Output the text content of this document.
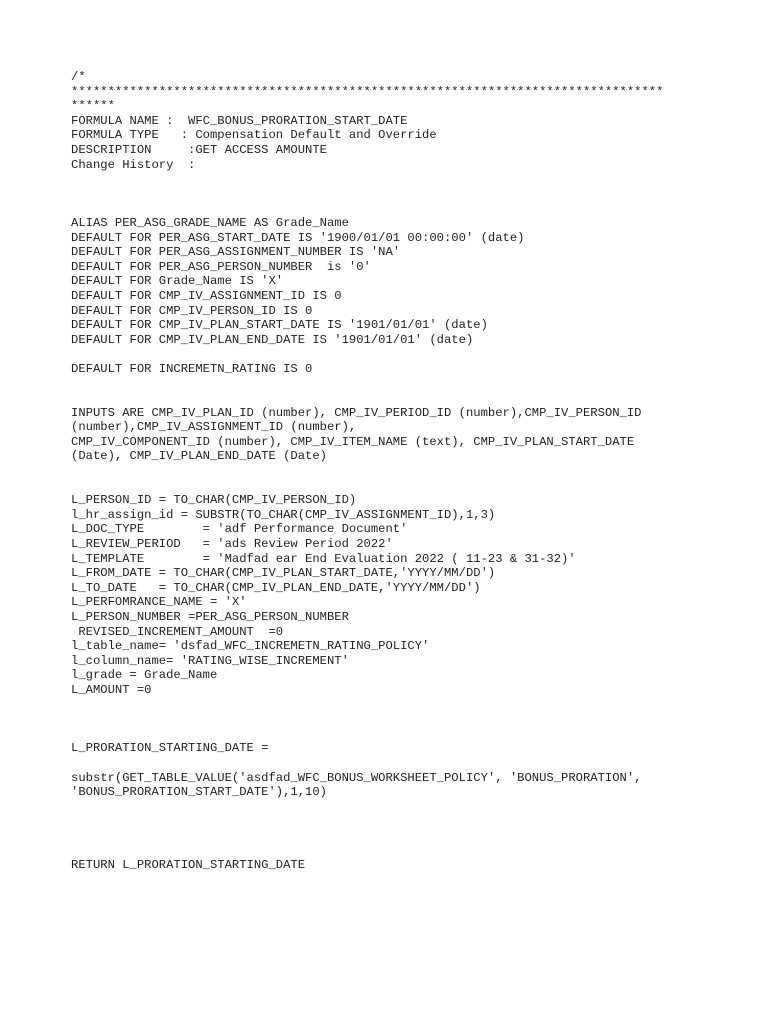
/*
*********************************************************************************
******
FORMULA NAME :  WFC_BONUS_PRORATION_START_DATE
FORMULA TYPE   : Compensation Default and Override
DESCRIPTION     :GET ACCESS AMOUNTE
Change History  :
ALIAS PER_ASG_GRADE_NAME AS Grade_Name
DEFAULT FOR PER_ASG_START_DATE IS '1900/01/01 00:00:00' (date)
DEFAULT FOR PER_ASG_ASSIGNMENT_NUMBER IS 'NA'
DEFAULT FOR PER_ASG_PERSON_NUMBER  is '0'
DEFAULT FOR Grade_Name IS 'X'
DEFAULT FOR CMP_IV_ASSIGNMENT_ID IS 0
DEFAULT FOR CMP_IV_PERSON_ID IS 0
DEFAULT FOR CMP_IV_PLAN_START_DATE IS '1901/01/01' (date)
DEFAULT FOR CMP_IV_PLAN_END_DATE IS '1901/01/01' (date)
DEFAULT FOR INCREMETN_RATING IS 0
INPUTS ARE CMP_IV_PLAN_ID (number), CMP_IV_PERIOD_ID (number),CMP_IV_PERSON_ID
(number),CMP_IV_ASSIGNMENT_ID (number),
CMP_IV_COMPONENT_ID (number), CMP_IV_ITEM_NAME (text), CMP_IV_PLAN_START_DATE
(Date), CMP_IV_PLAN_END_DATE (Date)
L_PERSON_ID = TO_CHAR(CMP_IV_PERSON_ID)
l_hr_assign_id = SUBSTR(TO_CHAR(CMP_IV_ASSIGNMENT_ID),1,3)
L_DOC_TYPE        = 'adf Performance Document'
L_REVIEW_PERIOD   = 'ads Review Period 2022'
L_TEMPLATE        = 'Madfad ear End Evaluation 2022 ( 11-23 & 31-32)'
L_FROM_DATE = TO_CHAR(CMP_IV_PLAN_START_DATE,'YYYY/MM/DD')
L_TO_DATE   = TO_CHAR(CMP_IV_PLAN_END_DATE,'YYYY/MM/DD')
L_PERFOMRANCE_NAME = 'X'
L_PERSON_NUMBER =PER_ASG_PERSON_NUMBER
REVISED_INCREMENT_AMOUNT  =0
l_table_name= 'dsfad_WFC_INCREMETN_RATING_POLICY'
l_column_name= 'RATING_WISE_INCREMENT'
l_grade = Grade_Name
L_AMOUNT =0
L_PRORATION_STARTING_DATE =
substr(GET_TABLE_VALUE('asdfad_WFC_BONUS_WORKSHEET_POLICY', 'BONUS_PRORATION',
'BONUS_PRORATION_START_DATE'),1,10)
RETURN L_PRORATION_STARTING_DATE
